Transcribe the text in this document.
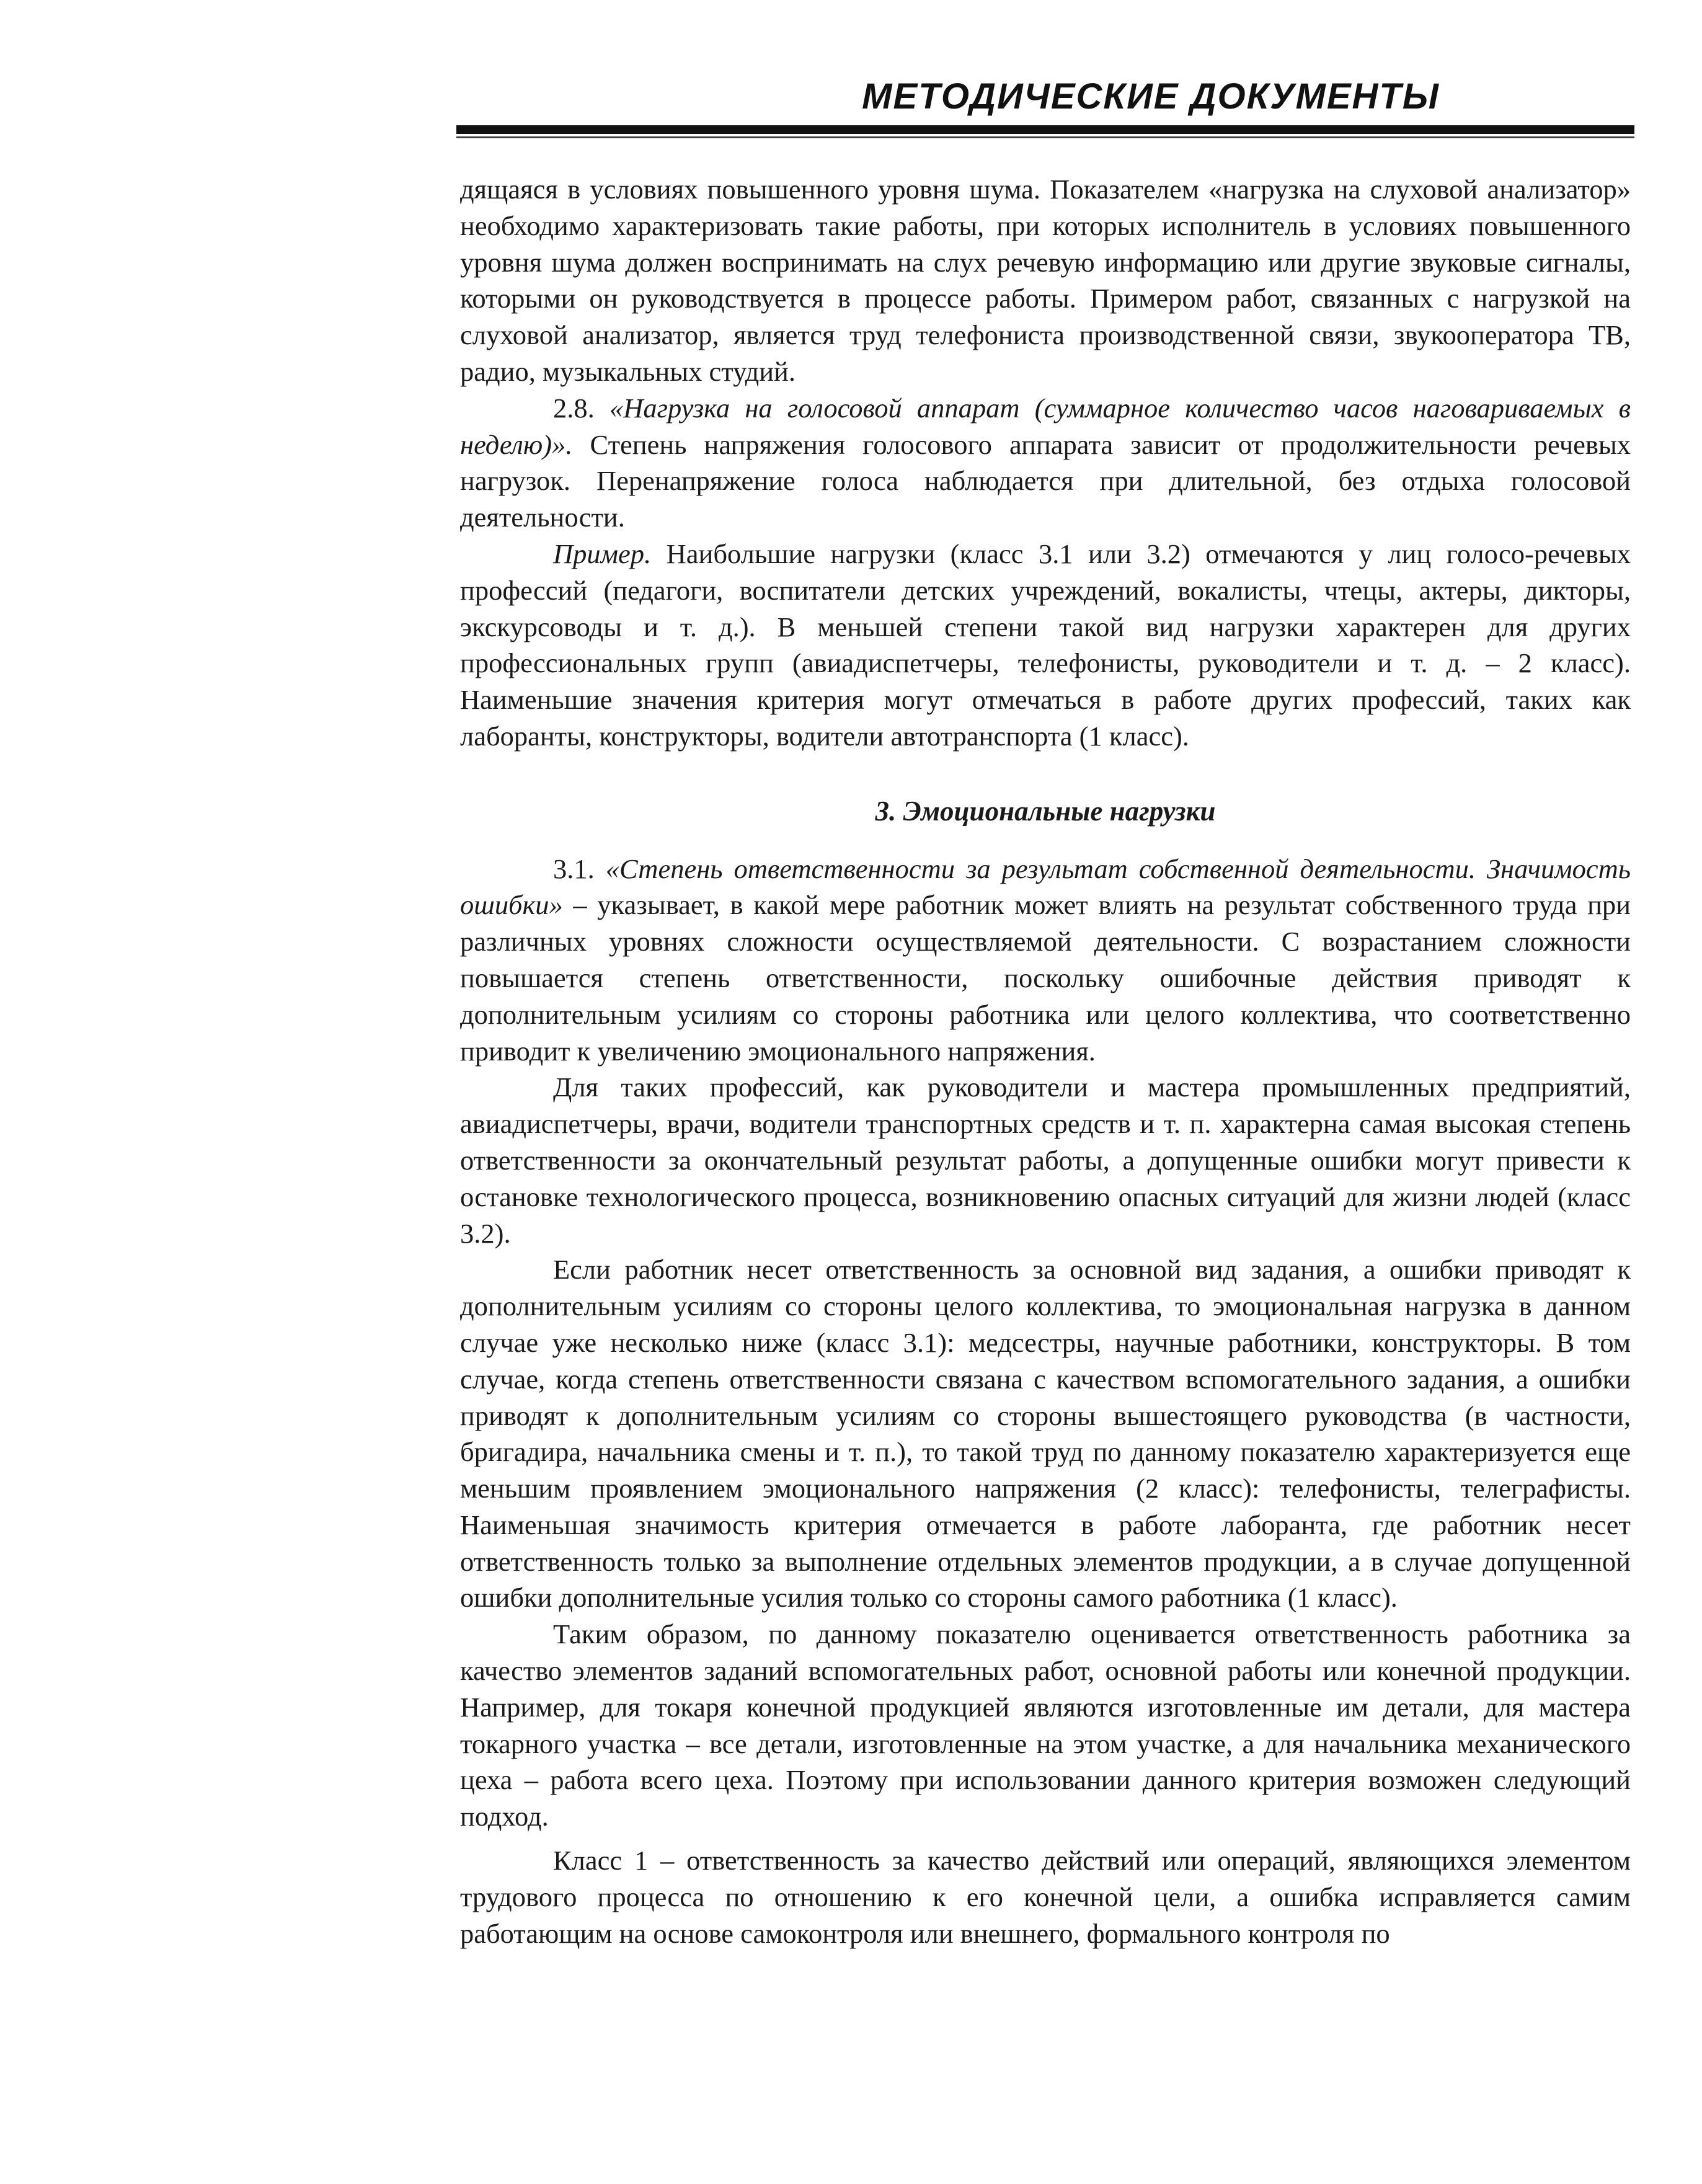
МЕТОДИЧЕСКИЕ ДОКУМЕНТЫ

дящаяся в условиях повышенного уровня шума. Показателем «нагрузка на слуховой анализатор» необходимо характеризовать такие работы, при которых исполнитель в условиях повышенного уровня шума должен воспринимать на слух речевую информацию или другие звуковые сигналы, которыми он руководствуется в процессе работы. Примером работ, связанных с нагрузкой на слуховой анализатор, является труд телефониста производственной связи, звукооператора ТВ, радио, музыкальных студий.

2.8. «Нагрузка на голосовой аппарат (суммарное количество часов наговариваемых в неделю)». Степень напряжения голосового аппарата зависит от продолжительности речевых нагрузок. Перенапряжение голоса наблюдается при длительной, без отдыха голосовой деятельности.

Пример. Наибольшие нагрузки (класс 3.1 или 3.2) отмечаются у лиц голосо-речевых профессий (педагоги, воспитатели детских учреждений, вокалисты, чтецы, актеры, дикторы, экскурсоводы и т. д.). В меньшей степени такой вид нагрузки характерен для других профессиональных групп (авиадиспетчеры, телефонисты, руководители и т. д. – 2 класс). Наименьшие значения критерия могут отмечаться в работе других профессий, таких как лаборанты, конструкторы, водители автотранспорта (1 класс).

3. Эмоциональные нагрузки

3.1. «Степень ответственности за результат собственной деятельности. Значимость ошибки» – указывает, в какой мере работник может влиять на результат собственного труда при различных уровнях сложности осуществляемой деятельности. С возрастанием сложности повышается степень ответственности, поскольку ошибочные действия приводят к дополнительным усилиям со стороны работника или целого коллектива, что соответственно приводит к увеличению эмоционального напряжения.

Для таких профессий, как руководители и мастера промышленных предприятий, авиадиспетчеры, врачи, водители транспортных средств и т. п. характерна самая высокая степень ответственности за окончательный результат работы, а допущенные ошибки могут привести к остановке технологического процесса, возникновению опасных ситуаций для жизни людей (класс 3.2).

Если работник несет ответственность за основной вид задания, а ошибки приводят к дополнительным усилиям со стороны целого коллектива, то эмоциональная нагрузка в данном случае уже несколько ниже (класс 3.1): медсестры, научные работники, конструкторы. В том случае, когда степень ответственности связана с качеством вспомогательного задания, а ошибки приводят к дополнительным усилиям со стороны вышестоящего руководства (в частности, бригадира, начальника смены и т. п.), то такой труд по данному показателю характеризуется еще меньшим проявлением эмоционального напряжения (2 класс): телефонисты, телеграфисты. Наименьшая значимость критерия отмечается в работе лаборанта, где работник несет ответственность только за выполнение отдельных элементов продукции, а в случае допущенной ошибки дополнительные усилия только со стороны самого работника (1 класс).

Таким образом, по данному показателю оценивается ответственность работника за качество элементов заданий вспомогательных работ, основной работы или конечной продукции. Например, для токаря конечной продукцией являются изготовленные им детали, для мастера токарного участка – все детали, изготовленные на этом участке, а для начальника механического цеха – работа всего цеха. Поэтому при использовании данного критерия возможен следующий подход.

Класс 1 – ответственность за качество действий или операций, являющихся элементом трудового процесса по отношению к его конечной цели, а ошибка исправляется самим работающим на основе самоконтроля или внешнего, формального контроля по
